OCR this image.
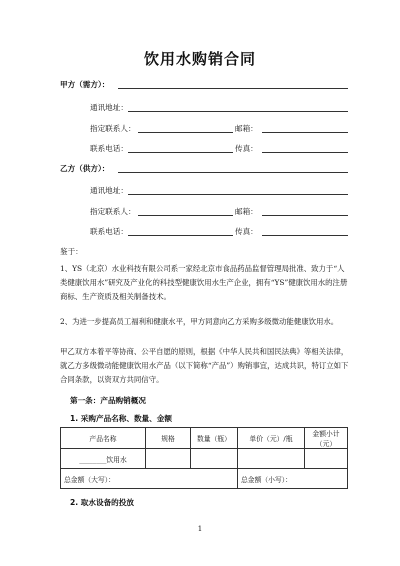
饮用水购销合同
甲方（需方）：
通讯地址：
指定联系人：	邮箱：
联系电话：	传真：
乙方（供方）：
通讯地址：
指定联系人：	邮箱：
联系电话：	传真：
鉴于：
1、YS（北京）水业科技有限公司系一家经北京市食品药品监督管理局批准、致力于“人类健康饮用水”研究及产业化的科技型健康饮用水生产企业，拥有“YS”健康饮用水的注册商标、生产资质及相关制备技术。
2、为进一步提高员工福利和健康水平，甲方同意向乙方采购多级微动能健康饮用水。
甲乙双方本着平等协商、公平自愿的原则，根据《中华人民共和国民法典》等相关法律，就乙方多级微动能健康饮用水产品（以下简称“产品”）购销事宜，达成共识，特订立如下合同条款，以资双方共同信守。
第一条：产品购销概况
1. 采购产品名称、数量、金额
产品名称	规格	数量（瓶）	单价（元）/瓶	金额小计（元）
________饮用水				
总金额（大写）：			总金额（小写）：	
2. 取水设备的投放
1
